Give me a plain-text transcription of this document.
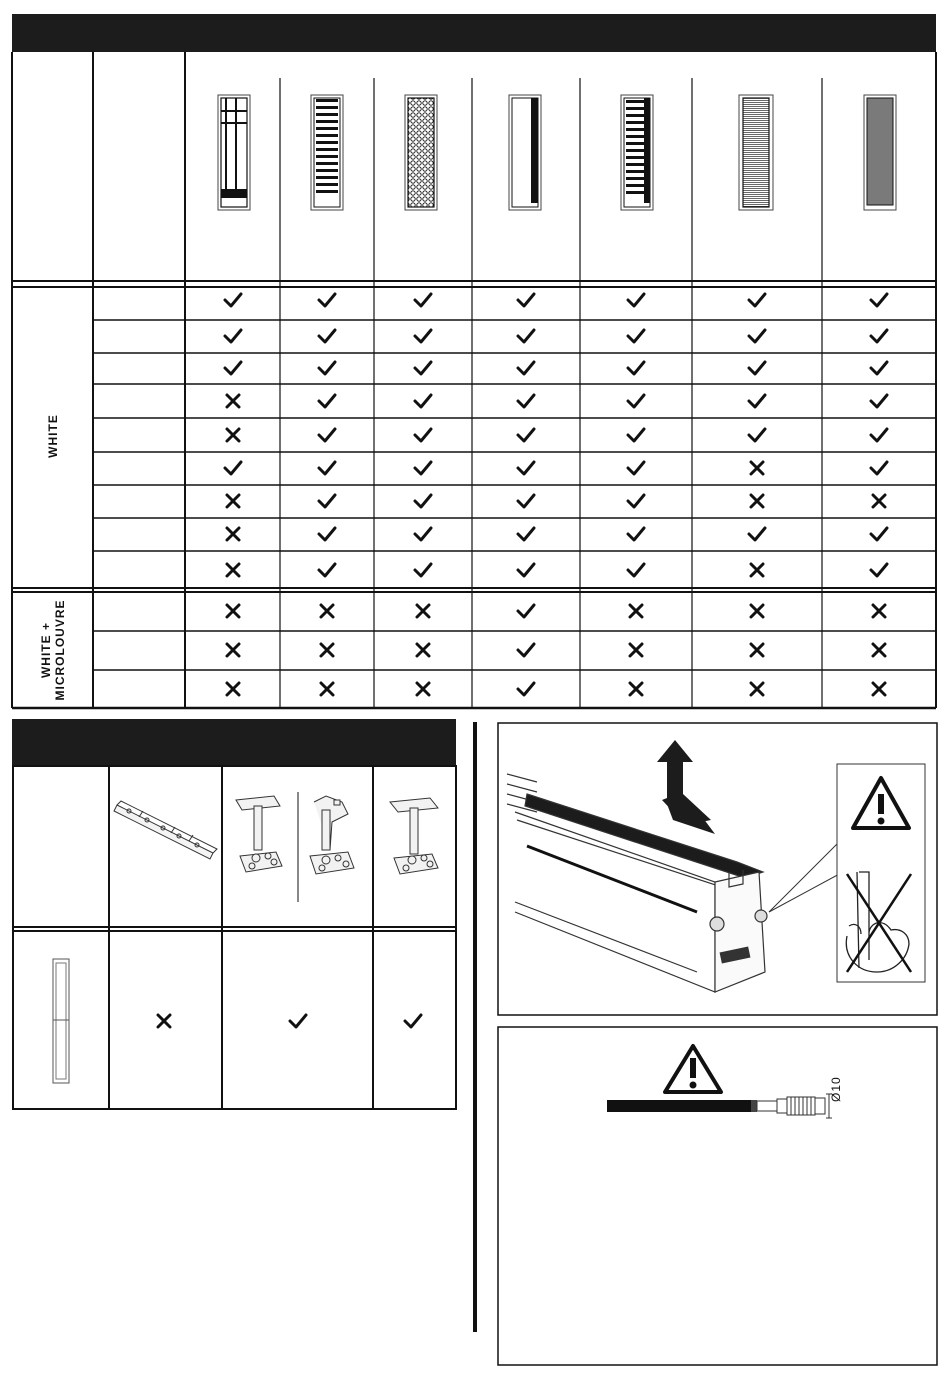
WHITE
WHITE + MICROLOUVRE
Ø10
